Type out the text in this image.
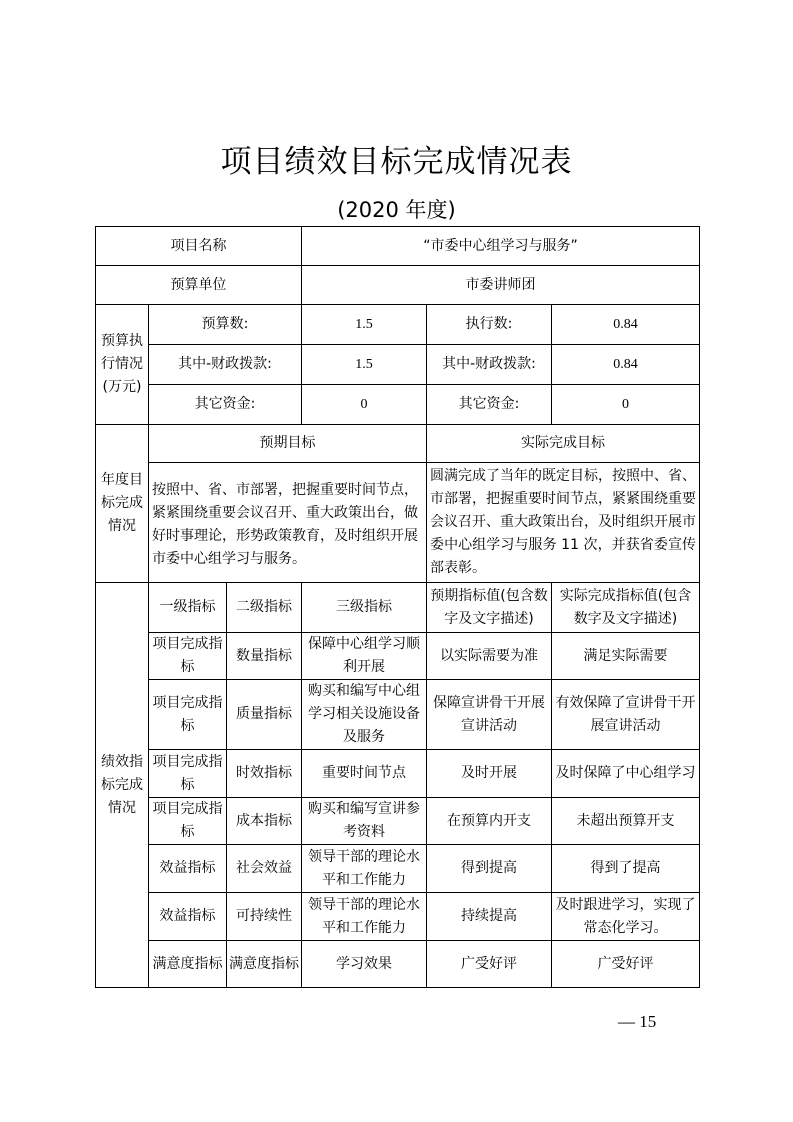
项目绩效目标完成情况表
(2020 年度)
项目名称			“市委中心组学习与服务”		
预算单位			市委讲师团		
预算执行情况(万元)	预算数:		1.5	执行数:	0.84
	其中-财政拨款:		1.5	其中-财政拨款:	0.84
	其它资金:		0	其它资金:	0
年度目标完成情况	预期目标			实际完成目标	
	按照中、省、市部署，把握重要时间节点，紧紧围绕重要会议召开、重大政策出台，做好时事理论，形势政策教育，及时组织开展市委中心组学习与服务。			圆满完成了当年的既定目标，按照中、省、市部署，把握重要时间节点，紧紧围绕重要会议召开、重大政策出台，及时组织开展市委中心组学习与服务 11 次，并获省委宣传部表彰。	
绩效指标完成情况	一级指标	二级指标	三级指标	预期指标值(包含数字及文字描述)	实际完成指标值(包含数字及文字描述)
	项目完成指标	数量指标	保障中心组学习顺利开展	以实际需要为准	满足实际需要
	项目完成指标	质量指标	购买和编写中心组学习相关设施设备及服务	保障宣讲骨干开展宣讲活动	有效保障了宣讲骨干开展宣讲活动
	项目完成指标	时效指标	重要时间节点	及时开展	及时保障了中心组学习
	项目完成指标	成本指标	购买和编写宣讲参考资料	在预算内开支	未超出预算开支
	效益指标	社会效益	领导干部的理论水平和工作能力	得到提高	得到了提高
	效益指标	可持续性	领导干部的理论水平和工作能力	持续提高	及时跟进学习，实现了常态化学习。
	满意度指标	满意度指标	学习效果	广受好评	广受好评
— 15
